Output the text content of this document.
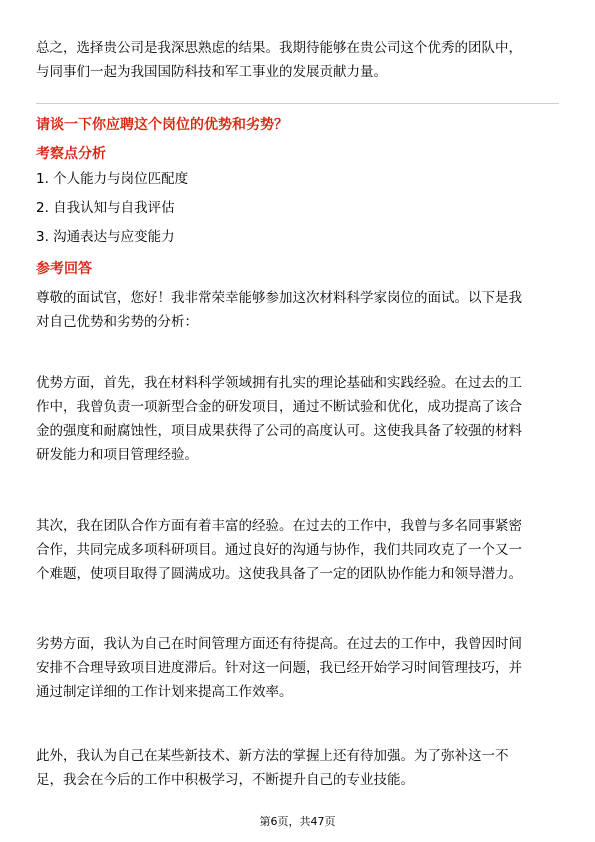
总之，选择贵公司是我深思熟虑的结果。我期待能够在贵公司这个优秀的团队中，
与同事们一起为我国国防科技和军工事业的发展贡献力量。
请谈一下你应聘这个岗位的优势和劣势？
考察点分析
1. 个人能力与岗位匹配度
2. 自我认知与自我评估
3. 沟通表达与应变能力
参考回答
尊敬的面试官，您好！我非常荣幸能够参加这次材料科学家岗位的面试。以下是我
对自己优势和劣势的分析：
优势方面，首先，我在材料科学领域拥有扎实的理论基础和实践经验。在过去的工
作中，我曾负责一项新型合金的研发项目，通过不断试验和优化，成功提高了该合
金的强度和耐腐蚀性，项目成果获得了公司的高度认可。这使我具备了较强的材料
研发能力和项目管理经验。
其次，我在团队合作方面有着丰富的经验。在过去的工作中，我曾与多名同事紧密
合作，共同完成多项科研项目。通过良好的沟通与协作，我们共同攻克了一个又一
个难题，使项目取得了圆满成功。这使我具备了一定的团队协作能力和领导潜力。
劣势方面，我认为自己在时间管理方面还有待提高。在过去的工作中，我曾因时间
安排不合理导致项目进度滞后。针对这一问题，我已经开始学习时间管理技巧，并
通过制定详细的工作计划来提高工作效率。
此外，我认为自己在某些新技术、新方法的掌握上还有待加强。为了弥补这一不
足，我会在今后的工作中积极学习，不断提升自己的专业技能。
第6页，共47页
